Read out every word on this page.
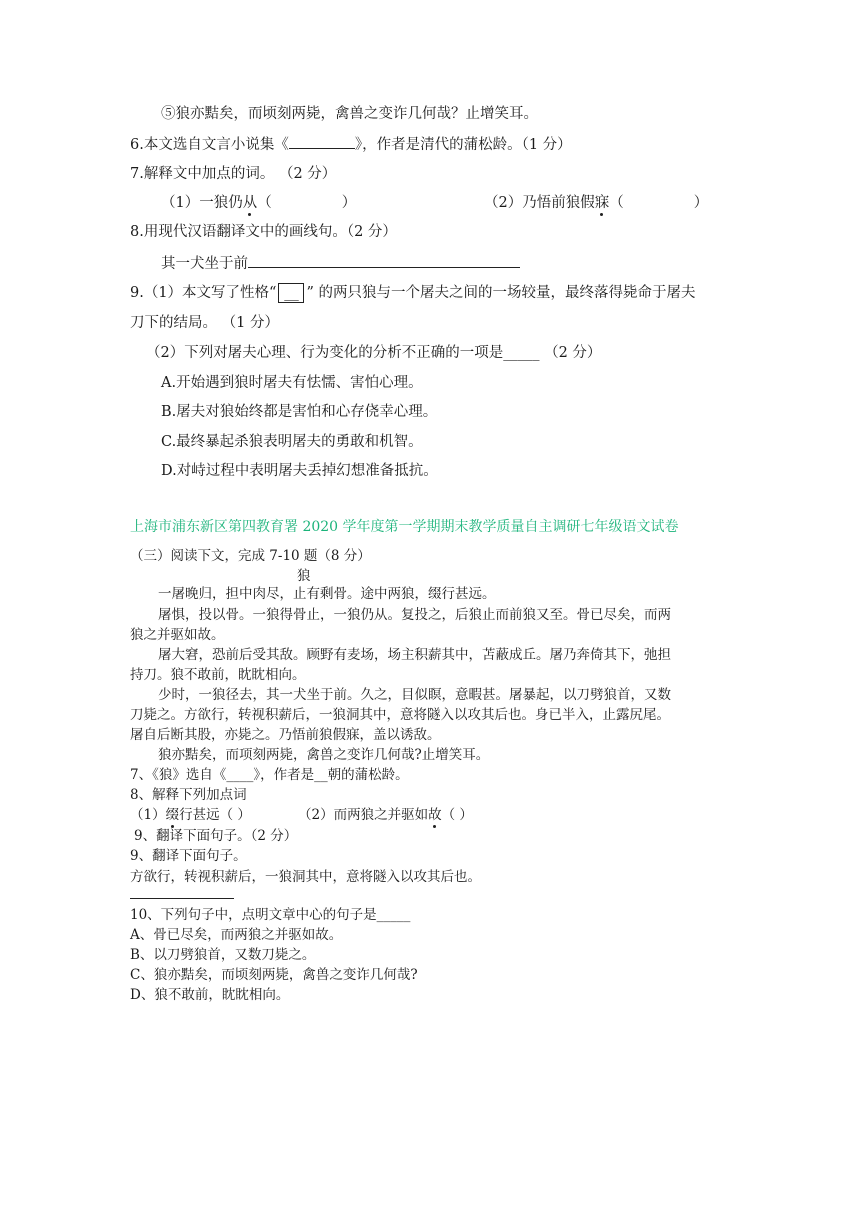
⑤狼亦黠矣，而顷刻两毙，禽兽之变诈几何哉？止增笑耳。
6.本文选自文言小说集《	》，作者是清代的蒲松龄。（1 分）
7.解释文中加点的词。 （2 分）
（1）一狼仍从（	）	（2）乃悟前狼假寐（	）
8.用现代汉语翻译文中的画线句。（2 分）
其一犬坐于前
9.（1）本文写了性格“ __ ” 的两只狼与一个屠夫之间的一场较量，最终落得毙命于屠夫
刀下的结局。 （1 分）
（2）下列对屠夫心理、行为变化的分析不正确的一项是_____ （2 分）
A.开始遇到狼时屠夫有怯懦、害怕心理。
B.屠夫对狼始终都是害怕和心存侥幸心理。
C.最终暴起杀狼表明屠夫的勇敢和机智。
D.对峙过程中表明屠夫丢掉幻想准备抵抗。
上海市浦东新区第四教育署 2020 学年度第一学期期末教学质量自主调研七年级语文试卷
（三）阅读下文，完成 7-10 题（8 分）
狼
一屠晚归，担中肉尽，止有剩骨。途中两狼，缀行甚远。
屠惧，投以骨。一狼得骨止，一狼仍从。复投之，后狼止而前狼又至。骨已尽矣，而两
狼之并驱如故。
屠大窘，恐前后受其敌。顾野有麦场，场主积薪其中，苫蔽成丘。屠乃奔倚其下，弛担
持刀。狼不敢前，眈眈相向。
少时，一狼径去，其一犬坐于前。久之，目似瞑，意暇甚。屠暴起，以刀劈狼首，又数
刀毙之。方欲行，转视积薪后，一狼洞其中，意将隧入以攻其后也。身已半入，止露尻尾。
屠自后断其股，亦毙之。乃悟前狼假寐，盖以诱敌。
狼亦黠矣，而项刻两毙，禽兽之变诈几何哉?止增笑耳。
7、《狼》选自《____》，作者是__朝的蒲松龄。
8、解释下列加点词
（1）缀行甚远（ ）	（2）而两狼之并驱如故（ ）
9、翻译下面句子。（2 分）
9、翻译下面句子。
方欲行，转视积薪后，一狼洞其中，意将隧入以攻其后也。
10、下列句子中，点明文章中心的句子是_____
A、骨已尽矣，而两狼之并驱如故。
B、以刀劈狼首，又数刀毙之。
C、狼亦黠矣，而顷刻两毙，禽兽之变诈几何哉?
D、狼不敢前，眈眈相向。
